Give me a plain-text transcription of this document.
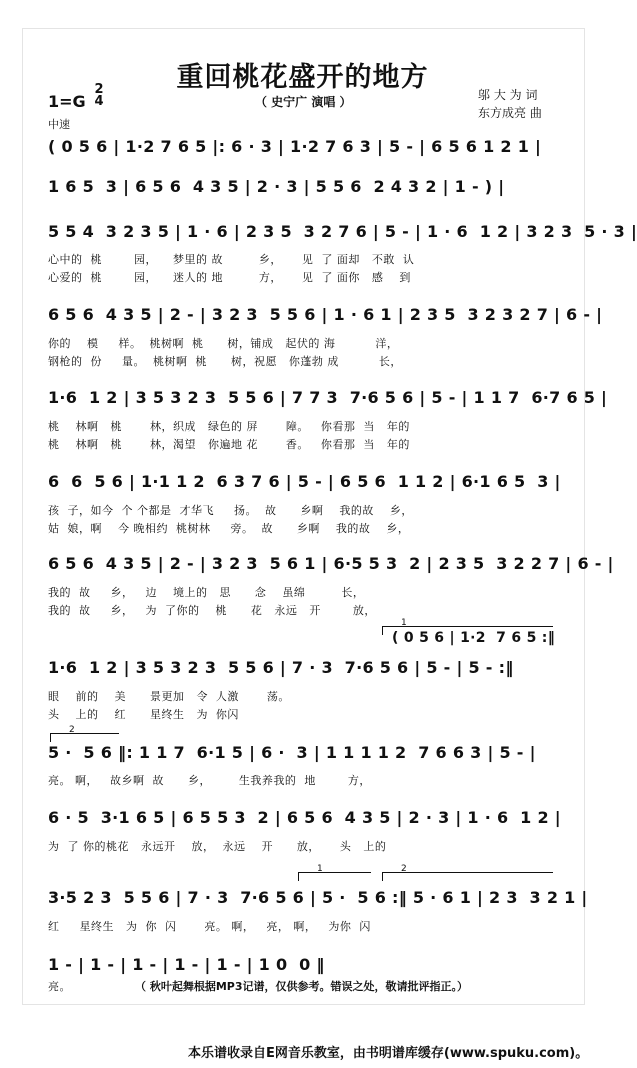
重回桃花盛开的地方
1=G
2
4
中速
（ 史宁广 演唱 ）	邬 大 为 词
东方成亮 曲
( 0 5 6 | 1·2 7 6 5 |: 6 · 3 | 1·2 7 6 3 | 5 - | 6 5 6 1 2 1 |
1 6 5  3 | 6 5 6  4 3 5 | 2 · 3 | 5 5 6  2 4 3 2 | 1 - ) |
5 5 4  3 2 3 5 | 1 · 6 | 2 3 5  3 2 7 6 | 5 - | 1 · 6  1 2 | 3 2 3  5 · 3 |
心中的  桃        园，    梦里的 故         乡，     见  了 面却   不敢  认
心爱的  桃        园，    迷人的 地         方，     见  了 面你   感    到
6 5 6  4 3 5 | 2 - | 3 2 3  5 5 6 | 1 · 6 1 | 2 3 5  3 2 3 2 7 | 6 - |
你的    模     样。  桃树啊  桃      树，铺成   起伏的 海          洋，
钢枪的  份     量。  桃树啊  桃      树，祝愿   你蓬勃 成          长，
1·6  1 2 | 3 5 3 2 3  5 5 6 | 7 7 3  7·6 5 6 | 5 - | 1 1 7  6·7 6 5 |
桃    林啊   桃       林，织成   绿色的 屏       障。   你看那  当   年的
桃    林啊   桃       林，渴望   你遍地 花       香。   你看那  当   年的
6  6  5 6 | 1·1 1 2  6 3 7 6 | 5 - | 6 5 6  1 1 2 | 6·1 6 5  3 |
孩  子，如今  个 个都是  才华飞     扬。  故      乡啊    我的故    乡，
姑  娘，啊    今 晚相约  桃树林     旁。  故      乡啊    我的故    乡，
6 5 6  4 3 5 | 2 - | 3 2 3  5 6 1 | 6·5 5 3  2 | 2 3 5  3 2 2 7 | 6 - |
我的  故     乡，   边    境上的   思      念    虽绵         长，
我的  故     乡，   为  了你的    桃      花   永远   开        放，
1
( 0 5 6 | 1·2  7 6 5 :‖
1·6  1 2 | 3 5 3 2 3  5 5 6 | 7 · 3  7·6 5 6 | 5 - | 5 - :‖
眼    前的    美      景更加   令  人激       荡。
头    上的    红      星终生   为  你闪
2
5 ·  5 6 ‖: 1 1 7  6·1 5 | 6 ·  3 | 1 1 1 1 2  7 6 6 3 | 5 - |
亮。 啊，   故乡啊  故      乡，       生我养我的  地        方，
6 · 5  3·1 6 5 | 6 5 5 3  2 | 6 5 6  4 3 5 | 2 · 3 | 1 · 6  1 2 |
为  了 你的桃花   永远开    放，  永远    开      放，     头   上的
1	2
3·5 2 3  5 5 6 | 7 · 3  7·6 5 6 | 5 ·  5 6 :‖ 5 · 6 1 | 2 3  3 2 1 |
红     星终生   为  你  闪       亮。 啊，   亮， 啊，   为你  闪
1 - | 1 - | 1 - | 1 - | 1 - | 1 0  0 ‖
亮。	（ 秋叶起舞根据MP3记谱，仅供参考。错误之处，敬请批评指正。）
本乐谱收录自E网音乐教室，由书明谱库缓存(www.spuku.com)。
